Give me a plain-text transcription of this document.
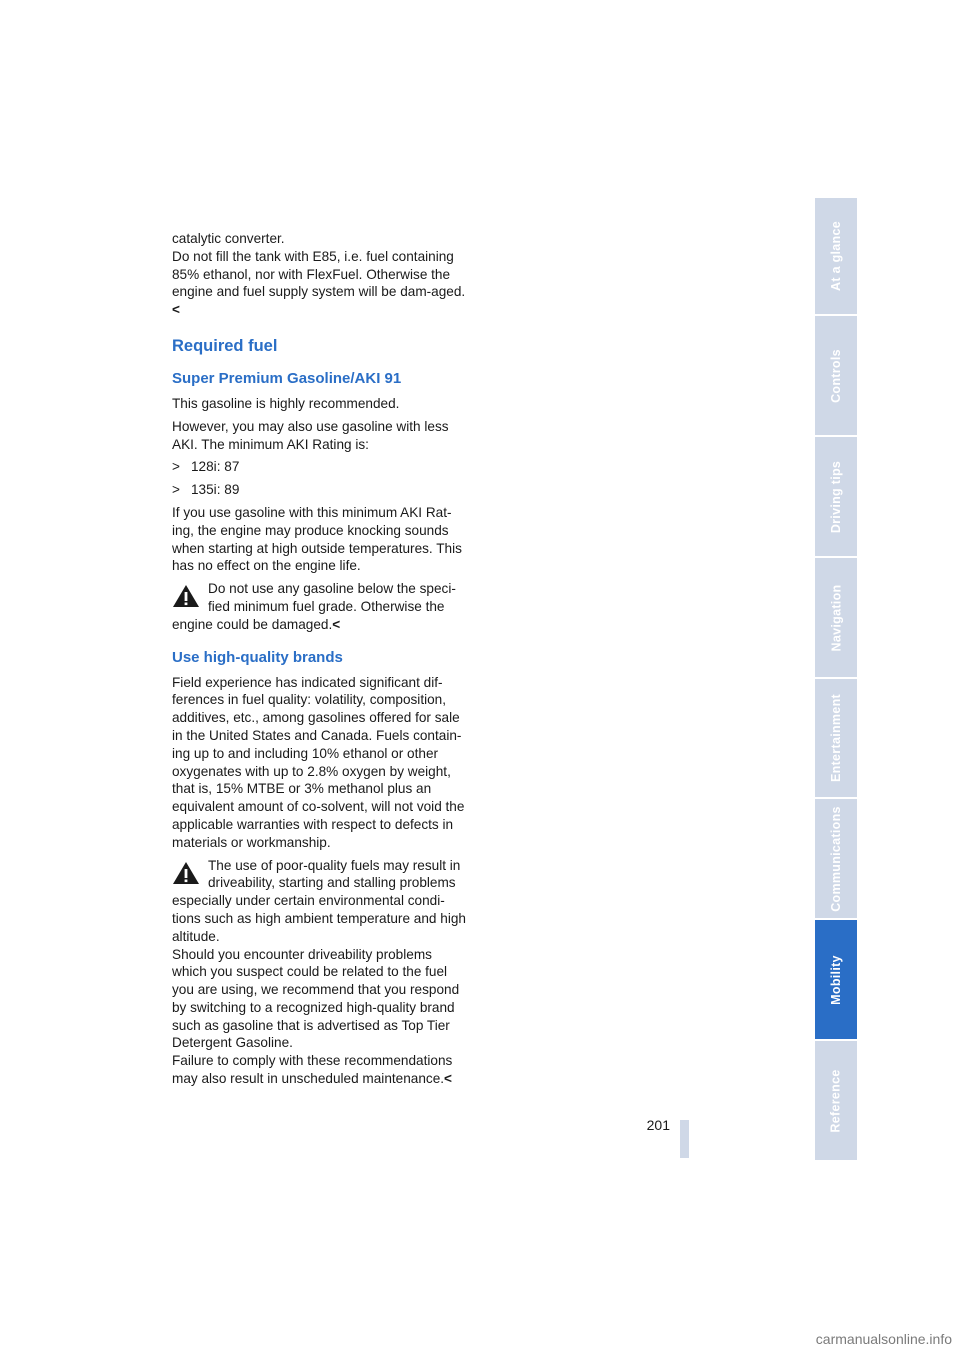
catalytic converter.
Do not fill the tank with E85, i.e. fuel containing 85% ethanol, nor with FlexFuel. Otherwise the engine and fuel supply system will be dam-aged.<

Required fuel
Super Premium Gasoline/AKI 91

This gasoline is highly recommended.

However, you may also use gasoline with less AKI. The minimum AKI Rating is:

> 128i: 87
> 135i: 89

If you use gasoline with this minimum AKI Rat-ing, the engine may produce knocking sounds when starting at high outside temperatures. This has no effect on the engine life.

Do not use any gasoline below the speci-fied minimum fuel grade. Otherwise the engine could be damaged.<
Use high-quality brands

Field experience has indicated significant dif-ferences in fuel quality: volatility, composition, additives, etc., among gasolines offered for sale in the United States and Canada. Fuels contain-ing up to and including 10% ethanol or other oxygenates with up to 2.8% oxygen by weight, that is, 15% MTBE or 3% methanol plus an equivalent amount of co-solvent, will not void the applicable warranties with respect to defects in materials or workmanship.

The use of poor-quality fuels may result in driveability, starting and stalling problems especially under certain environmental condi-tions such as high ambient temperature and high altitude.
Should you encounter driveability problems which you suspect could be related to the fuel you are using, we recommend that you respond by switching to a recognized high-quality brand such as gasoline that is advertised as Top Tier Detergent Gasoline.
Failure to comply with these recommendations may also result in unscheduled maintenance.<
At a glance
Controls
Driving tips
Navigation
Entertainment
Communications
Mobility
Reference
201
carmanualsonline.info
